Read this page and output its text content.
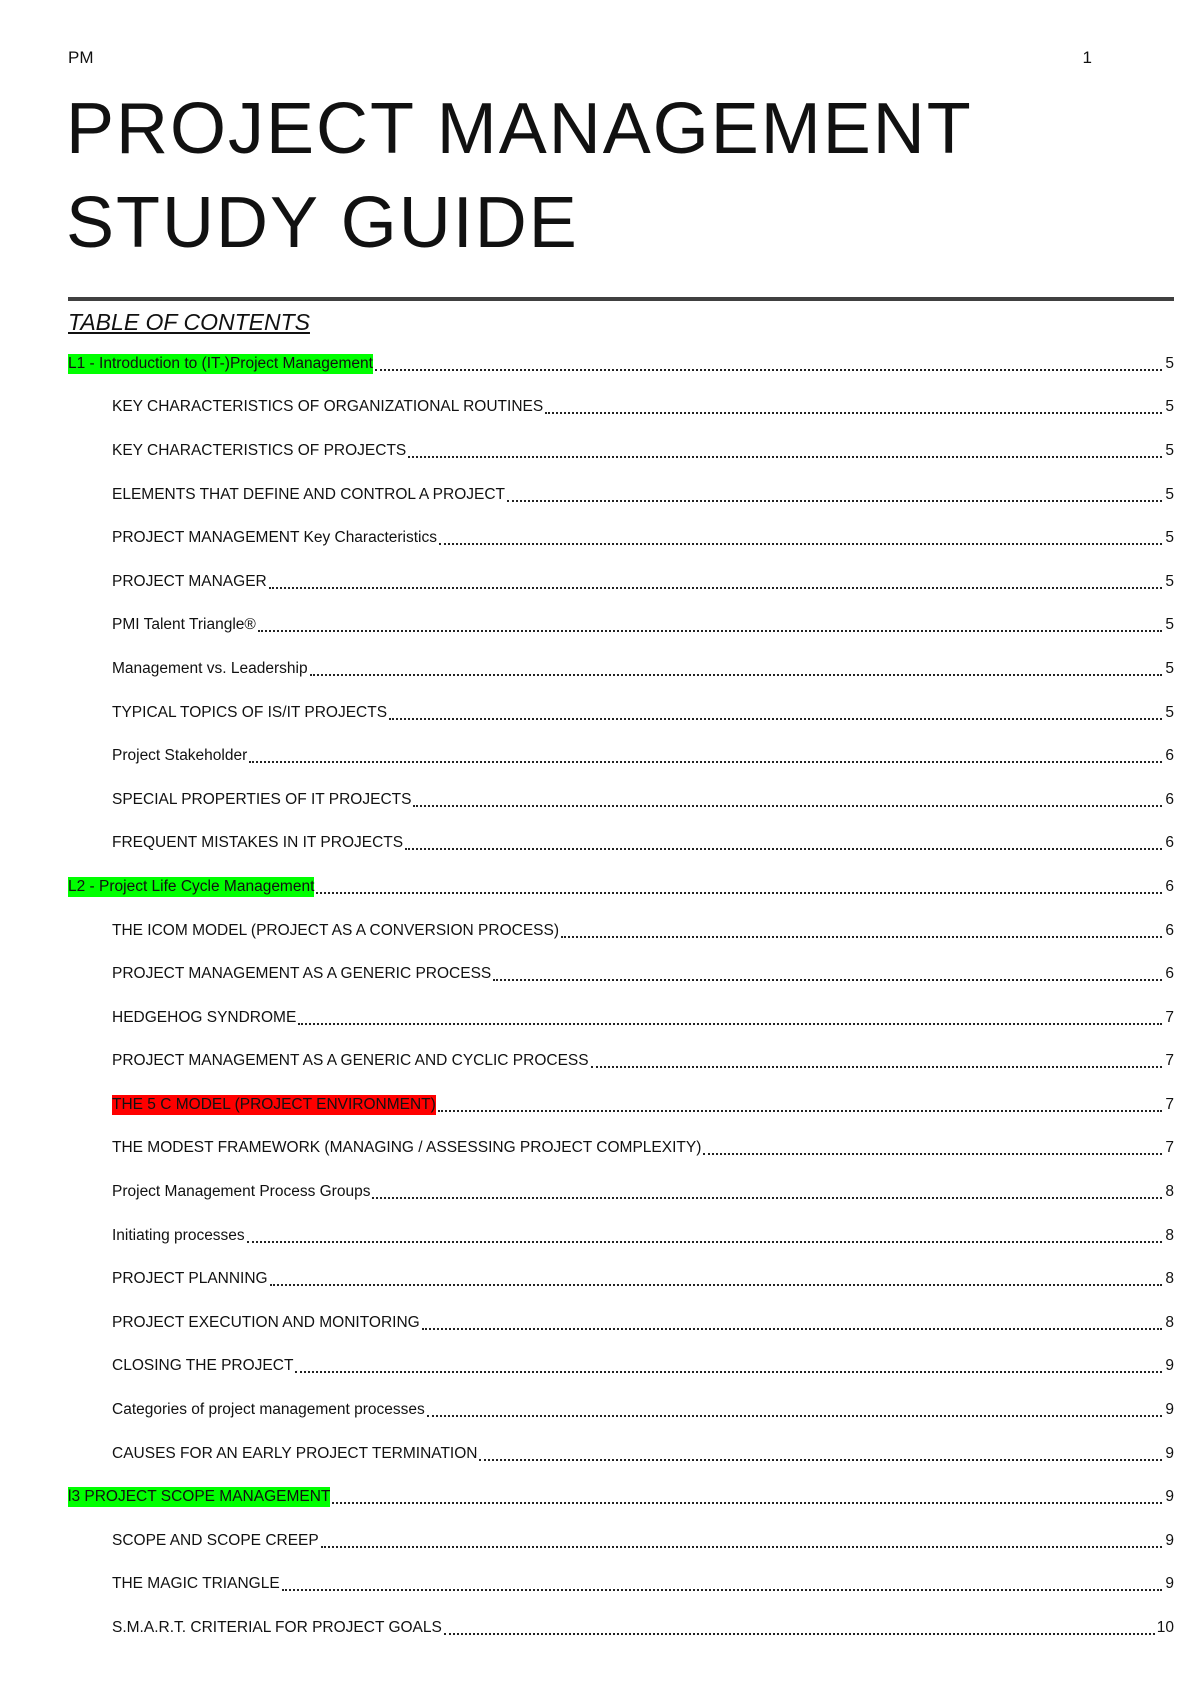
PM	1
PROJECT MANAGEMENT STUDY GUIDE
TABLE OF CONTENTS
L1 - Introduction to (IT-)Project Management	5
KEY CHARACTERISTICS OF ORGANIZATIONAL ROUTINES	5
KEY CHARACTERISTICS OF PROJECTS	5
ELEMENTS THAT DEFINE AND CONTROL A PROJECT	5
PROJECT MANAGEMENT Key Characteristics	5
PROJECT MANAGER	5
PMI Talent Triangle®	5
Management vs. Leadership	5
TYPICAL TOPICS OF IS/IT PROJECTS	5
Project Stakeholder	6
SPECIAL PROPERTIES OF IT PROJECTS	6
FREQUENT MISTAKES IN IT PROJECTS	6
L2 - Project Life Cycle Management	6
THE ICOM MODEL (PROJECT AS A CONVERSION PROCESS)	6
PROJECT MANAGEMENT AS A GENERIC PROCESS	6
HEDGEHOG SYNDROME	7
PROJECT MANAGEMENT AS A GENERIC AND CYCLIC PROCESS	7
THE 5 C MODEL (PROJECT ENVIRONMENT)	7
THE MODEST FRAMEWORK (MANAGING / ASSESSING PROJECT COMPLEXITY)	7
Project Management Process Groups	8
Initiating processes	8
PROJECT PLANNING	8
PROJECT EXECUTION AND MONITORING	8
CLOSING THE PROJECT	9
Categories of project management processes	9
CAUSES FOR AN EARLY PROJECT TERMINATION	9
l3 PROJECT SCOPE MANAGEMENT	9
SCOPE AND SCOPE CREEP	9
THE MAGIC TRIANGLE	9
S.M.A.R.T. CRITERIAL FOR PROJECT GOALS	10
